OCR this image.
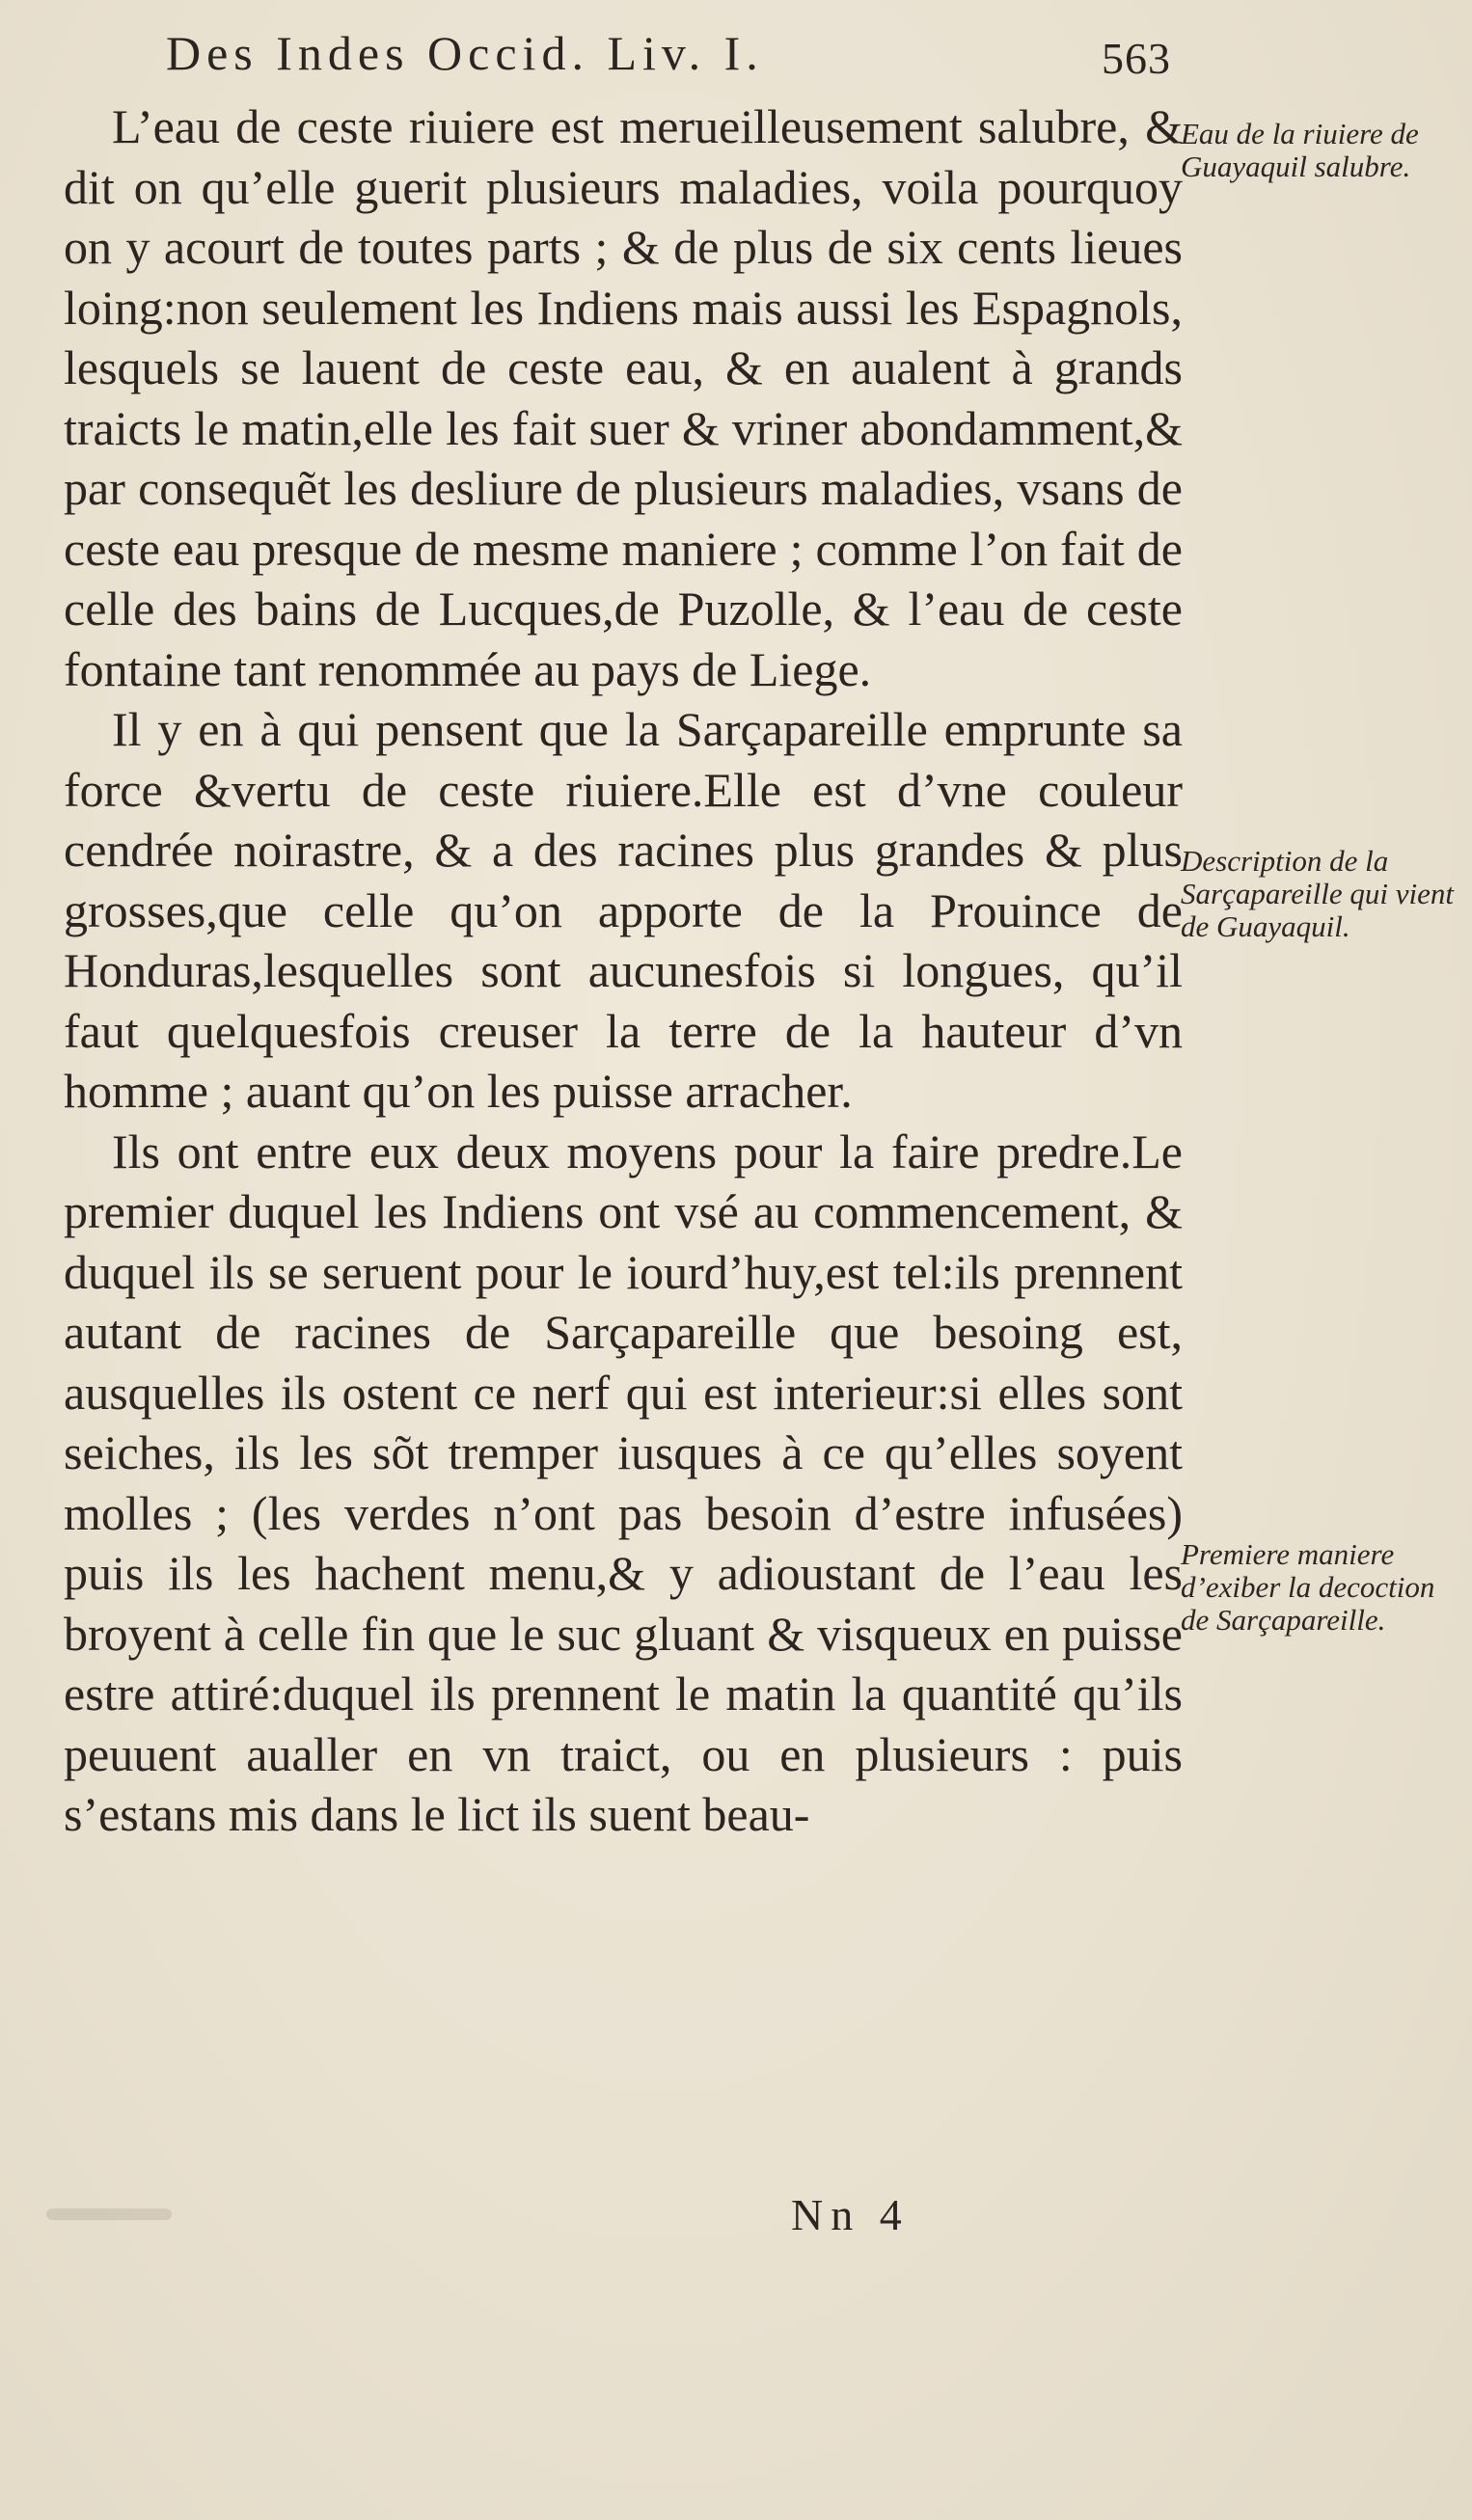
Des Indes Occid. Liv. I.	563

L’eau de ceste riuiere est merueilleusement salubre, & dit on qu’elle guerit plusieurs maladies, voila pourquoy on y acourt de toutes parts ; & de plus de six cents lieues loing:non seulement les Indiens mais aussi les Espagnols, lesquels se lauent de ceste eau, & en aualent à grands traicts le matin,elle les fait suer & vriner abondamment,& par consequẽt les desliure de plusieurs maladies, vsans de ceste eau presque de mesme maniere ; comme l’on fait de celle des bains de Lucques,de Puzolle, & l’eau de ceste fontaine tant renommée au pays de Liege.

Il y en à qui pensent que la Sarçapareille emprunte sa force &vertu de ceste riuiere.Elle est d’vne couleur cendrée noirastre, & a des racines plus grandes & plus grosses,que celle qu’on apporte de la Prouince de Honduras,lesquelles sont aucunesfois si longues, qu’il faut quelquesfois creuser la terre de la hauteur d’vn homme ; auant qu’on les puisse arracher.

Ils ont entre eux deux moyens pour la faire predre.Le premier duquel les Indiens ont vsé au commencement, & duquel ils se seruent pour le iourd’huy,est tel:ils prennent autant de racines de Sarçapareille que besoing est, ausquelles ils ostent ce nerf qui est interieur:si elles sont seiches, ils les sõt tremper iusques à ce qu’elles soyent molles ; (les verdes n’ont pas besoin d’estre infusées) puis ils les hachent menu,& y adioustant de l’eau les broyent à celle fin que le suc gluant & visqueux en puisse estre attiré:duquel ils prennent le matin la quantité qu’ils peuuent aualler en vn traict, ou en plusieurs : puis s’estans mis dans le lict ils suent beau-

Eau de la riuiere de Guayaquil salubre.
Description de la Sarçapareille qui vient de Guayaquil.
Premiere maniere d’exiber la decoction de Sarçapareille.
Nn 4
